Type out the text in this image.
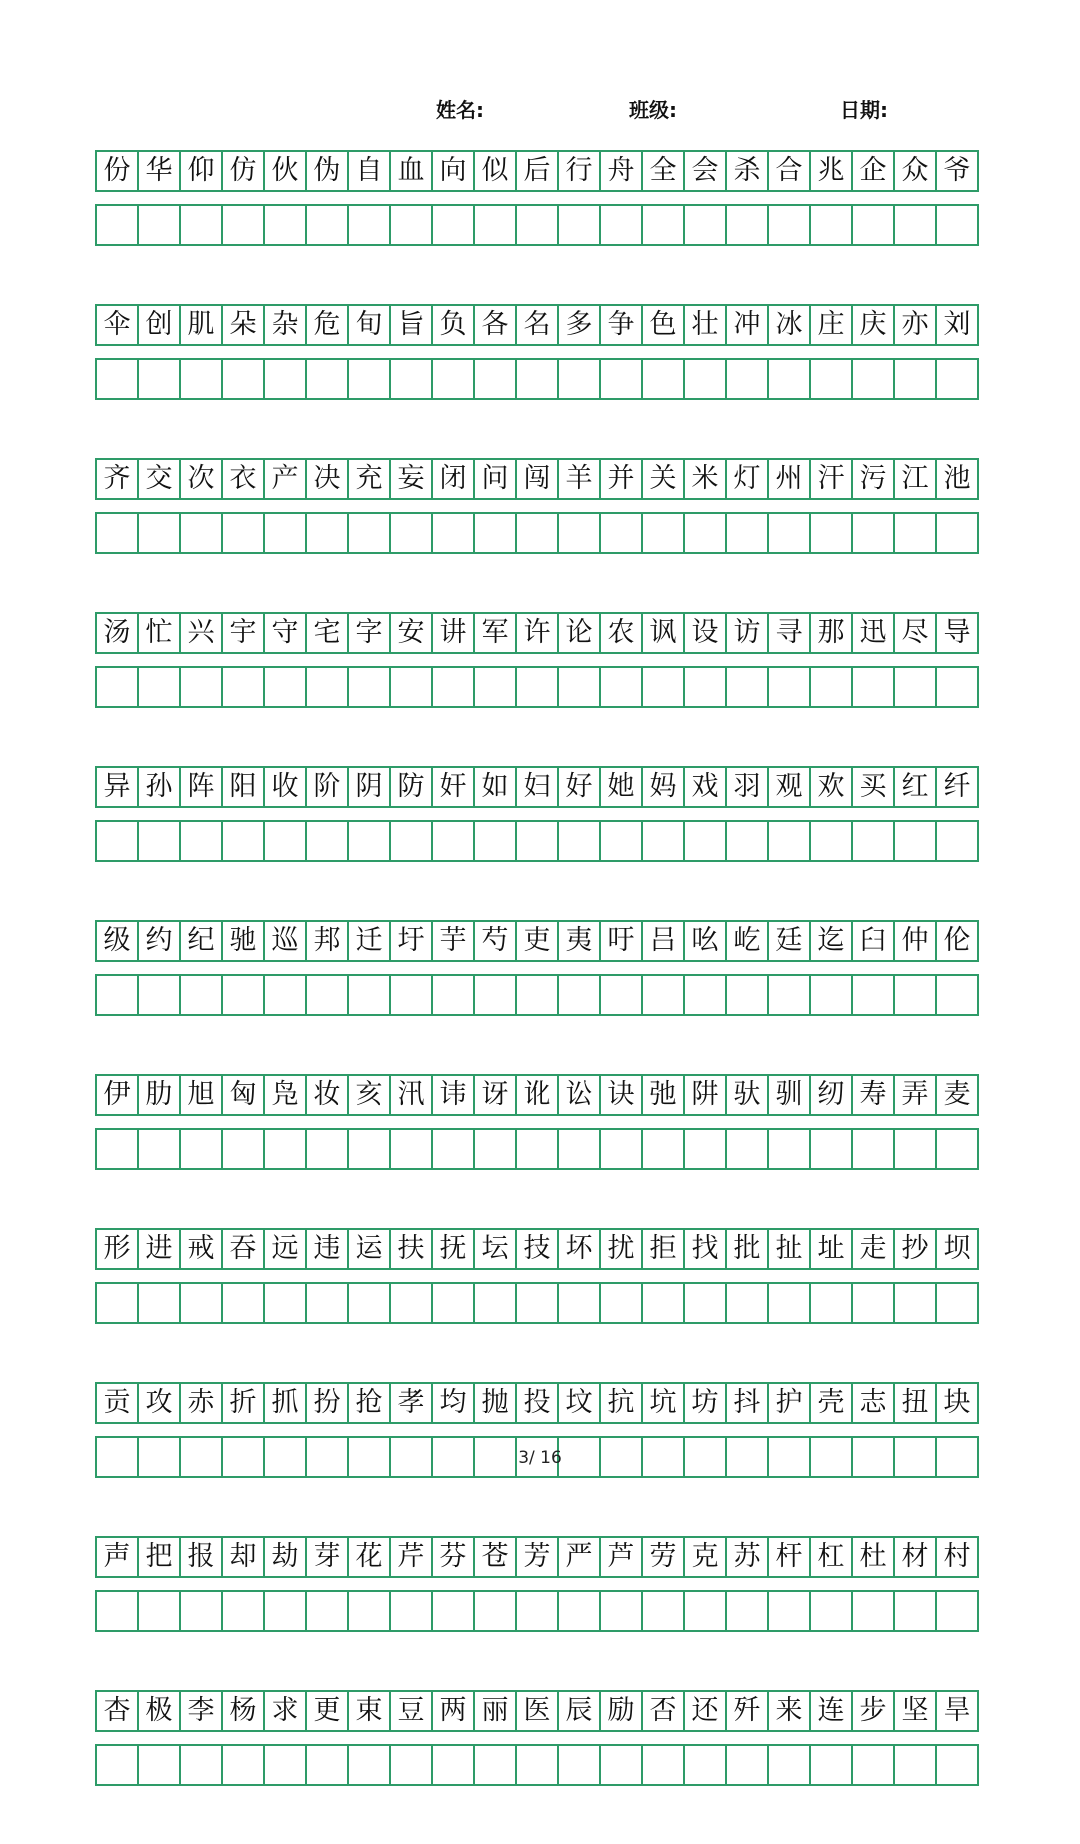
姓名:	班级:	日期:
份 华 仰 仿 伙 伪 自 血 向 似 后 行 舟 全 会 杀 合 兆 企 众 爷
伞 创 肌 朵 杂 危 旬 旨 负 各 名 多 争 色 壮 冲 冰 庄 庆 亦 刘
齐 交 次 衣 产 决 充 妄 闭 问 闯 羊 并 关 米 灯 州 汗 污 江 池
汤 忙 兴 宇 守 宅 字 安 讲 军 许 论 农 讽 设 访 寻 那 迅 尽 导
异 孙 阵 阳 收 阶 阴 防 奸 如 妇 好 她 妈 戏 羽 观 欢 买 红 纤
级 约 纪 驰 巡 邦 迁 圩 芋 芍 吏 夷 吁 吕 吆 屹 廷 迄 臼 仲 伦
伊 肋 旭 匈 凫 妆 亥 汛 讳 讶 讹 讼 诀 弛 阱 驮 驯 纫 寿 弄 麦
形 进 戒 吞 远 违 运 扶 抚 坛 技 坏 扰 拒 找 批 扯 址 走 抄 坝
贡 攻 赤 折 抓 扮 抢 孝 均 抛 投 坟 抗 坑 坊 抖 护 壳 志 扭 块
声 把 报 却 劫 芽 花 芹 芬 苍 芳 严 芦 劳 克 苏 杆 杠 杜 材 村
杏 极 李 杨 求 更 束 豆 两 丽 医 辰 励 否 还 歼 来 连 步 坚 旱
3/ 16
